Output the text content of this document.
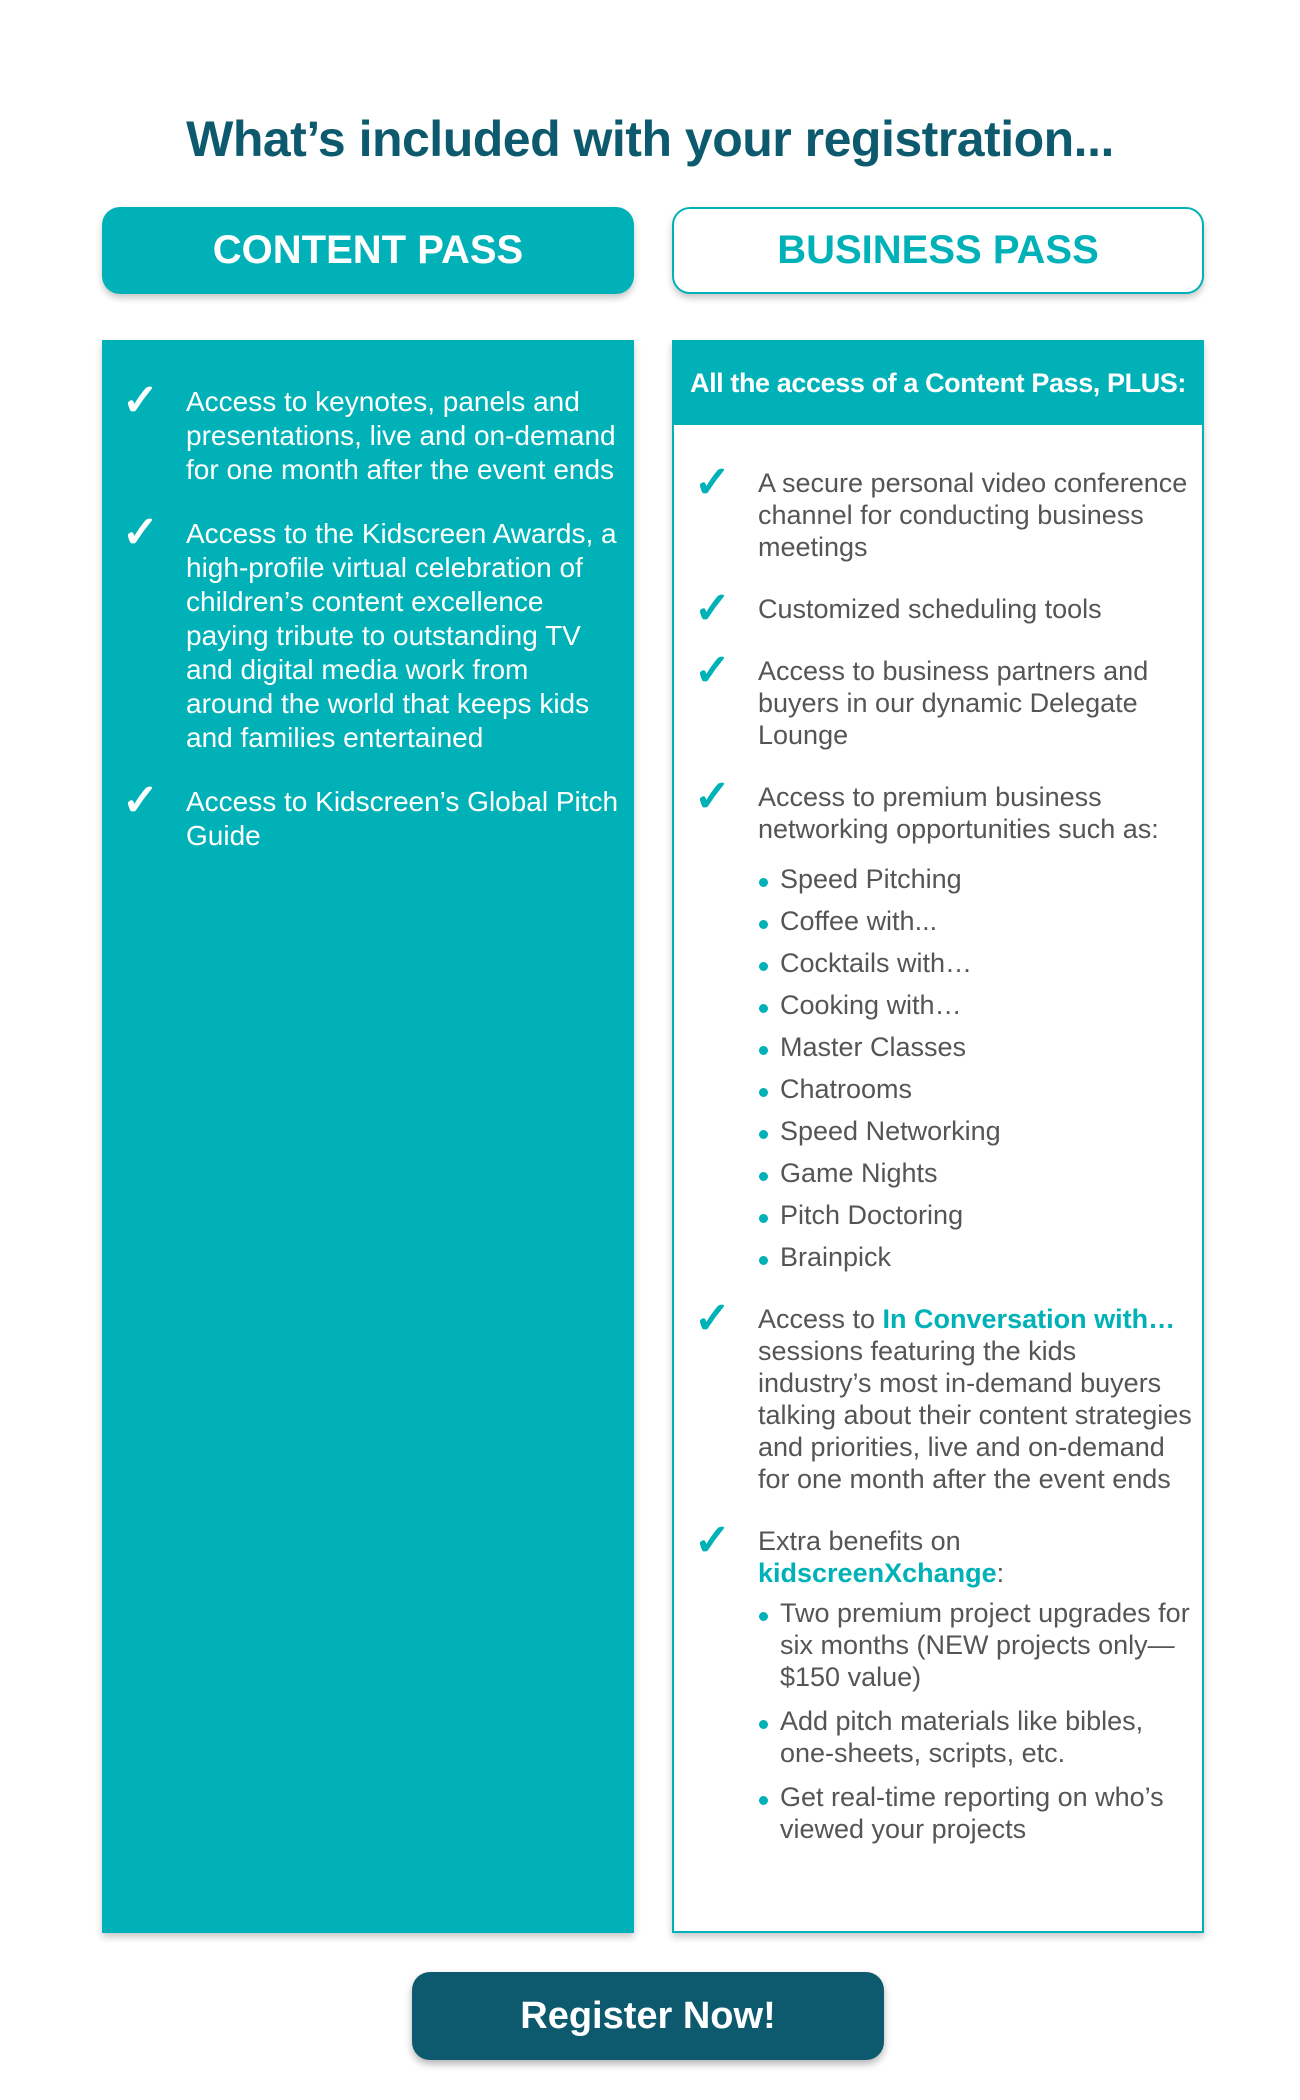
What’s included with your registration...
CONTENT PASS	BUSINESS PASS
✓ Access to keynotes, panels and presentations, live and on-demand for one month after the event ends
✓ Access to the Kidscreen Awards, a high-profile virtual celebration of children’s content excellence paying tribute to outstanding TV and digital media work from around the world that keeps kids and families entertained
✓ Access to Kidscreen’s Global Pitch Guide
All the access of a Content Pass, PLUS:
✓ A secure personal video conference channel for conducting business meetings
✓ Customized scheduling tools
✓ Access to business partners and buyers in our dynamic Delegate Lounge
✓ Access to premium business networking opportunities such as:
Speed Pitching
Coffee with...
Cocktails with…
Cooking with…
Master Classes
Chatrooms
Speed Networking
Game Nights
Pitch Doctoring
Brainpick
✓ Access to In Conversation with… sessions featuring the kids industry’s most in-demand buyers talking about their content strategies and priorities, live and on-demand for one month after the event ends
✓ Extra benefits on kidscreenXchange:
Two premium project upgrades for six months (NEW projects only—$150 value)
Add pitch materials like bibles, one-sheets, scripts, etc.
Get real-time reporting on who’s viewed your projects
Register Now!
